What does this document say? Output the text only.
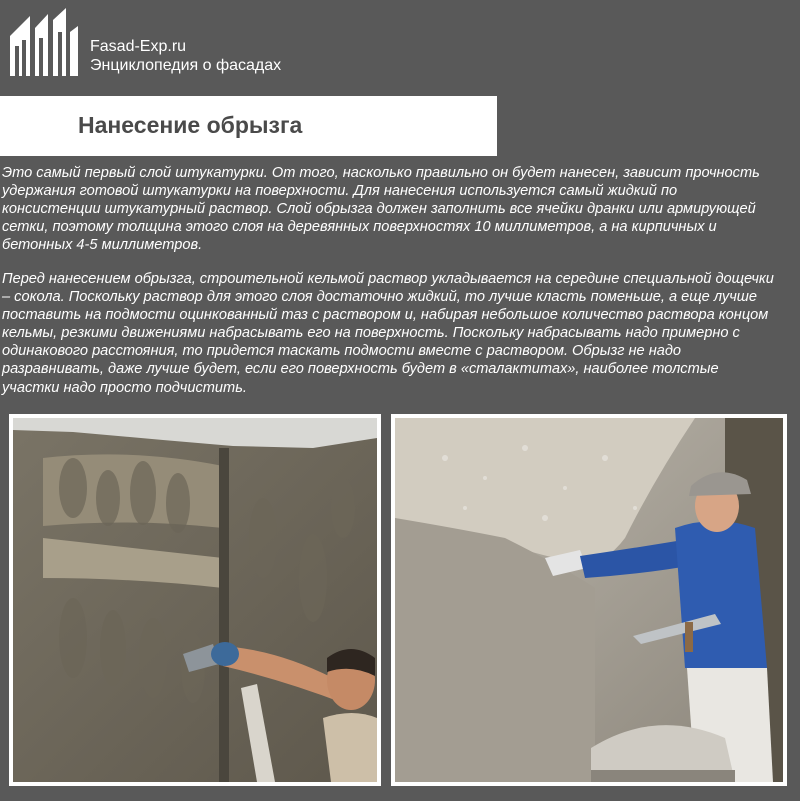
Fasad-Exp.ru
Энциклопедия о фасадах
Нанесение обрызга

Это самый первый слой штукатурки. От того, насколько правильно он будет нанесен, зависит прочность удержания готовой штукатурки на поверхности. Для нанесения используется самый жидкий по консистенции штукатурный раствор. Слой обрызга должен заполнить все ячейки дранки или армирующей сетки, поэтому толщина этого слоя на деревянных поверхностях 10 миллиметров, а на кирпичных и бетонных 4-5 миллиметров.

Перед нанесением обрызга, строительной кельмой раствор укладывается на середине специальной дощечки – сокола. Поскольку раствор для этого слоя достаточно жидкий, то лучше класть поменьше, а еще лучше поставить на подмости оцинкованный таз с раствором и, набирая небольшое количество раствора концом кельмы, резкими движениями набрасывать его на поверхность. Поскольку набрасывать надо примерно с одинакового расстояния, то придется таскать подмости вместе с раствором. Обрызг не надо разравнивать, даже лучше будет, если его поверхность будет в «сталактитах», наиболее толстые участки надо просто подчистить.
